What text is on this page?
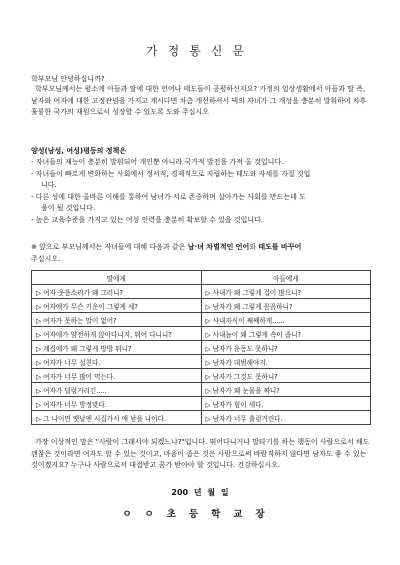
가정통신문
학부모님 안녕하십니까?
학부모님께서는 평소에 아들과 딸에 대한 언어나 태도들이 공평하신지요? 가정의 일상생활에서 아들과 딸 즉, 남자와 여자에 대한 고정관념을 가지고 계시다면 차츰 개선하셔서 댁의 자녀가 그 개성을 충분히 발휘하여 차후 훌륭한 국가의 재원으로서 성장할 수 있도록 도와 주십시오
양성(남성, 여성)평등의 정책은
- 자녀들의 재능이 충분히 발휘되어 개인뿐 아니라 국가적 발전을 가져 올 것입니다.
- 자녀들이 빠르게 변화하는 사회에서 정서적, 경제적으로 자립하는 태도와 자세를 가질 것입
니다.
- 다른 성에 대한 올바른 이해를 통하여 남녀가 서로 존중하며 살아가는 사회를 만드는데 도
움이 될 것입니다.
- 높은 교육수준을 가지고 있는 여성 인력을 충분히 확보할 수 있을 것입니다.
※ 앞으로 부모님께서는 자녀들에 대해 다음과 같은 남·녀 차별적인 언어와 태도를 바꾸어
주십시오.
딸에게	아들에게
▷ 여자 웃음소리가 왜 그러니?	▷ 사내가 왜 그렇게 겁이 많으니?
▷ 여자애가 무슨 기운이 그렇게 세?	▷ 남자가 왜 그렇게 꼼꼼하니?
▷ 여자가 못하는 말이 없어?	▷ 사내자식이 째째하게......
▷ 여자애가 얌전하게 앉아다니지, 뛰어 다니니?	▷ 사내놈이 왜 그렇게 속이 좁니?
▷ 계집애가 왜 그렇게 방방 뛰니?	▷ 남자가 운동도 못하니?
▷ 여자가 너무 설친다.	▷ 남자가 대범해야지.
▷ 여자가 너무 많이 먹는다.	▷ 남자가 그것도 못하니?
▷ 여자가 덜렁거리긴.....	▷ 남자가 왜 눈물을 짜니?
▷ 여자가 너무 방정맞다.	▷ 남자가 힘이 세다.
▷ 그 나이면 옛날엔 시집가서 애 낳을 나이다.	▷ 남자가 너무 출렁거린다.
가장 이상적인 말은 "사람이 그래서야 되겠느냐?"입니다. 뛰어다니거나 말타기를 하는 행동이 사람으로서 해도 괜찮은 것이라면 여자도 할 수 있는 것이고, 마음이 좁은 것은 사람으로써 바람직하지 않다면 남자도 좋 수 있는 것이겠지요? 누구나 사람으로서 대접받고 꿈가 받아야 할 것입니다. 건강하십시오.
200 년 월 일
ㅇㅇ초등학교장
